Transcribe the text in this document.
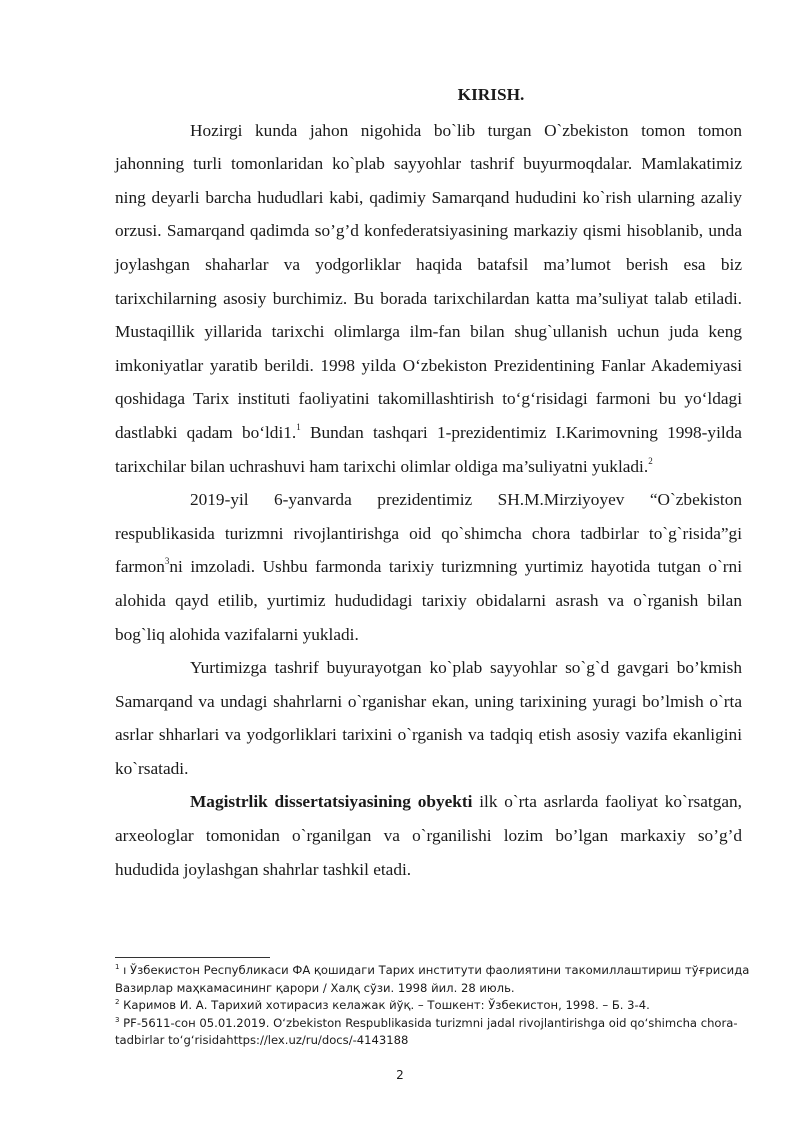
KIRISH.

Hozirgi kunda jahon nigohida bo`lib turgan O`zbekiston tomon tomon jahonning turli tomonlaridan ko`plab sayyohlar tashrif buyurmoqdalar. Mamlakatimiz ning deyarli barcha hududlari kabi, qadimiy Samarqand hududini ko`rish ularning azaliy orzusi. Samarqand qadimda so’g’d konfederatsiyasining markaziy qismi hisoblanib, unda joylashgan shaharlar va yodgorliklar haqida batafsil ma’lumot berish esa biz tarixchilarning asosiy burchimiz. Bu borada tarixchilardan katta ma’suliyat talab etiladi. Mustaqillik yillarida tarixchi olimlarga ilm-fan bilan shug`ullanish uchun juda keng imkoniyatlar yaratib berildi. 1998 yilda O‘zbekiston Prezidentining Fanlar Akademiyasi qoshidaga Tarix instituti faoliyatini takomillashtirish to‘g‘risidagi farmoni bu yo‘ldagi dastlabki qadam bo‘ldi1.$^1$ Bundan tashqari 1-prezidentimiz I.Karimovning 1998-yilda tarixchilar bilan uchrashuvi ham tarixchi olimlar oldiga ma’suliyatni yukladi.$^2$

2019-yil 6-yanvarda prezidentimiz SH.M.Mirziyoyev “O`zbekiston respublikasida turizmni rivojlantirishga oid qo`shimcha chora tadbirlar to`g`risida”gi farmon$^3$ni imzoladi. Ushbu farmonda tarixiy turizmning yurtimiz hayotida tutgan o`rni alohida qayd etilib, yurtimiz hududidagi tarixiy obidalarni asrash va o`rganish bilan bog`liq alohida vazifalarni yukladi.

Yurtimizga tashrif buyurayotgan ko`plab sayyohlar so`g`d gavgari bo’kmish Samarqand va undagi shahrlarni o`rganishar ekan, uning tarixining yuragi bo’lmish o`rta asrlar shharlari va yodgorliklari tarixini o`rganish va tadqiq etish asosiy vazifa ekanligini ko`rsatadi.

Magistrlik dissertatsiyasining obyekti ilk o`rta asrlarda faoliyat ko`rsatgan, arxeologlar tomonidan o`rganilgan va o`rganilishi lozim bo’lgan markaxiy so’g’d hududida joylashgan shahrlar tashkil etadi.

$^1$ ı Ўзбекистон Республикаси ФА қошидаги Тарих институти фаолиятини такомиллаштириш тўғрисида Вазирлар маҳкамасининг қарори / Халқ сўзи. 1998 йил. 28 июль.

$^2$ Каримов И. А. Тарихий хотирасиз келажак йўқ. – Тошкент: Ўзбекистон, 1998. – Б. 3-4.

$^3$ PF-5611-сон 05.01.2019. O‘zbekiston Respublikasida turizmni jadal rivojlantirishga oid qo‘shimcha chora-tadbirlar to‘g‘risidahttps://lex.uz/ru/docs/-4143188

2
